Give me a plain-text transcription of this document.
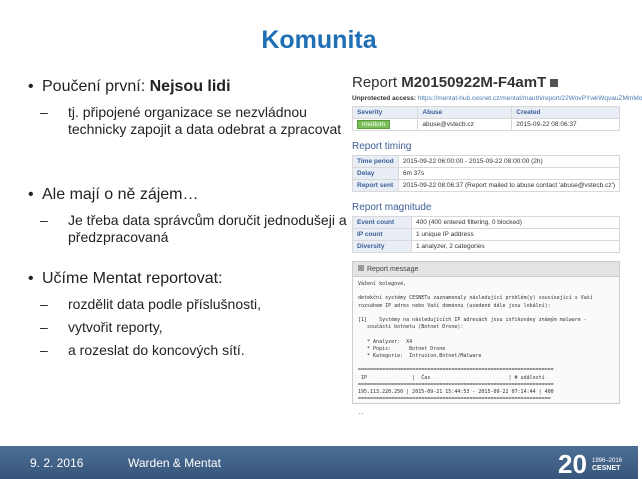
Komunita
• Poučení první: Nejsou lidi
– tj. připojené organizace se nezvládnou technicky zapojit a data odebrat a zpracovat
• Ale mají o ně zájem…
– Je třeba data správcům doručit jednodušeji a předzpracovaná
• Učíme Mentat reportovat:
– rozdělit data podle příslušnosti,
– vytvořit reporty,
– a rozeslat do koncových sítí.
Report M20150922M-F4amT
Unprotected access: https://mentat-hub.cesnet.cz/mentat/mauth/report/22WovPYwkWqvauZMmMo
Severity	Abuse	Created
medium	abuse@vstecb.cz	2015-09-22 08:06:37
Report timing
Time period	2015-09-22 06:00:00 - 2015-09-22 08:00:00 (2h)
Delay	6m 37s
Report sent	2015-09-22 08:06:37 (Report mailed to abuse contact 'abuse@vstecb.cz')
Report magnitude
Event count	400 (400 entered filtering, 0 blocked)
IP count	1 unique IP address
Diversity	1 analyzer, 2 categories
Report message
Vážení kolegové,

detekční systémy CESNETu zaznamenaly následující problém(y) související s Vaší
rozsahem IP adres nebo Vaší doménou (uvedené dále jsou lokální):

[1]    Systémy na následujících IP adresách jsou infikovány známým malware -
součástí botnetu (Botnet Drone):

* Analyzer:  X4
* Popis:      Botnet Drone
* Kategorie:  Intrusion.Botnet/Malware

=================================================================
IP               |  Čas                          | # událostí
=================================================================
195.113.220.250 | 2015-09-21 15:44:53 - 2015-09-22 07:14:44 | 400
================================================================

--
9. 2. 2016	Warden & Mentat	20 1996–2016
CESNET
